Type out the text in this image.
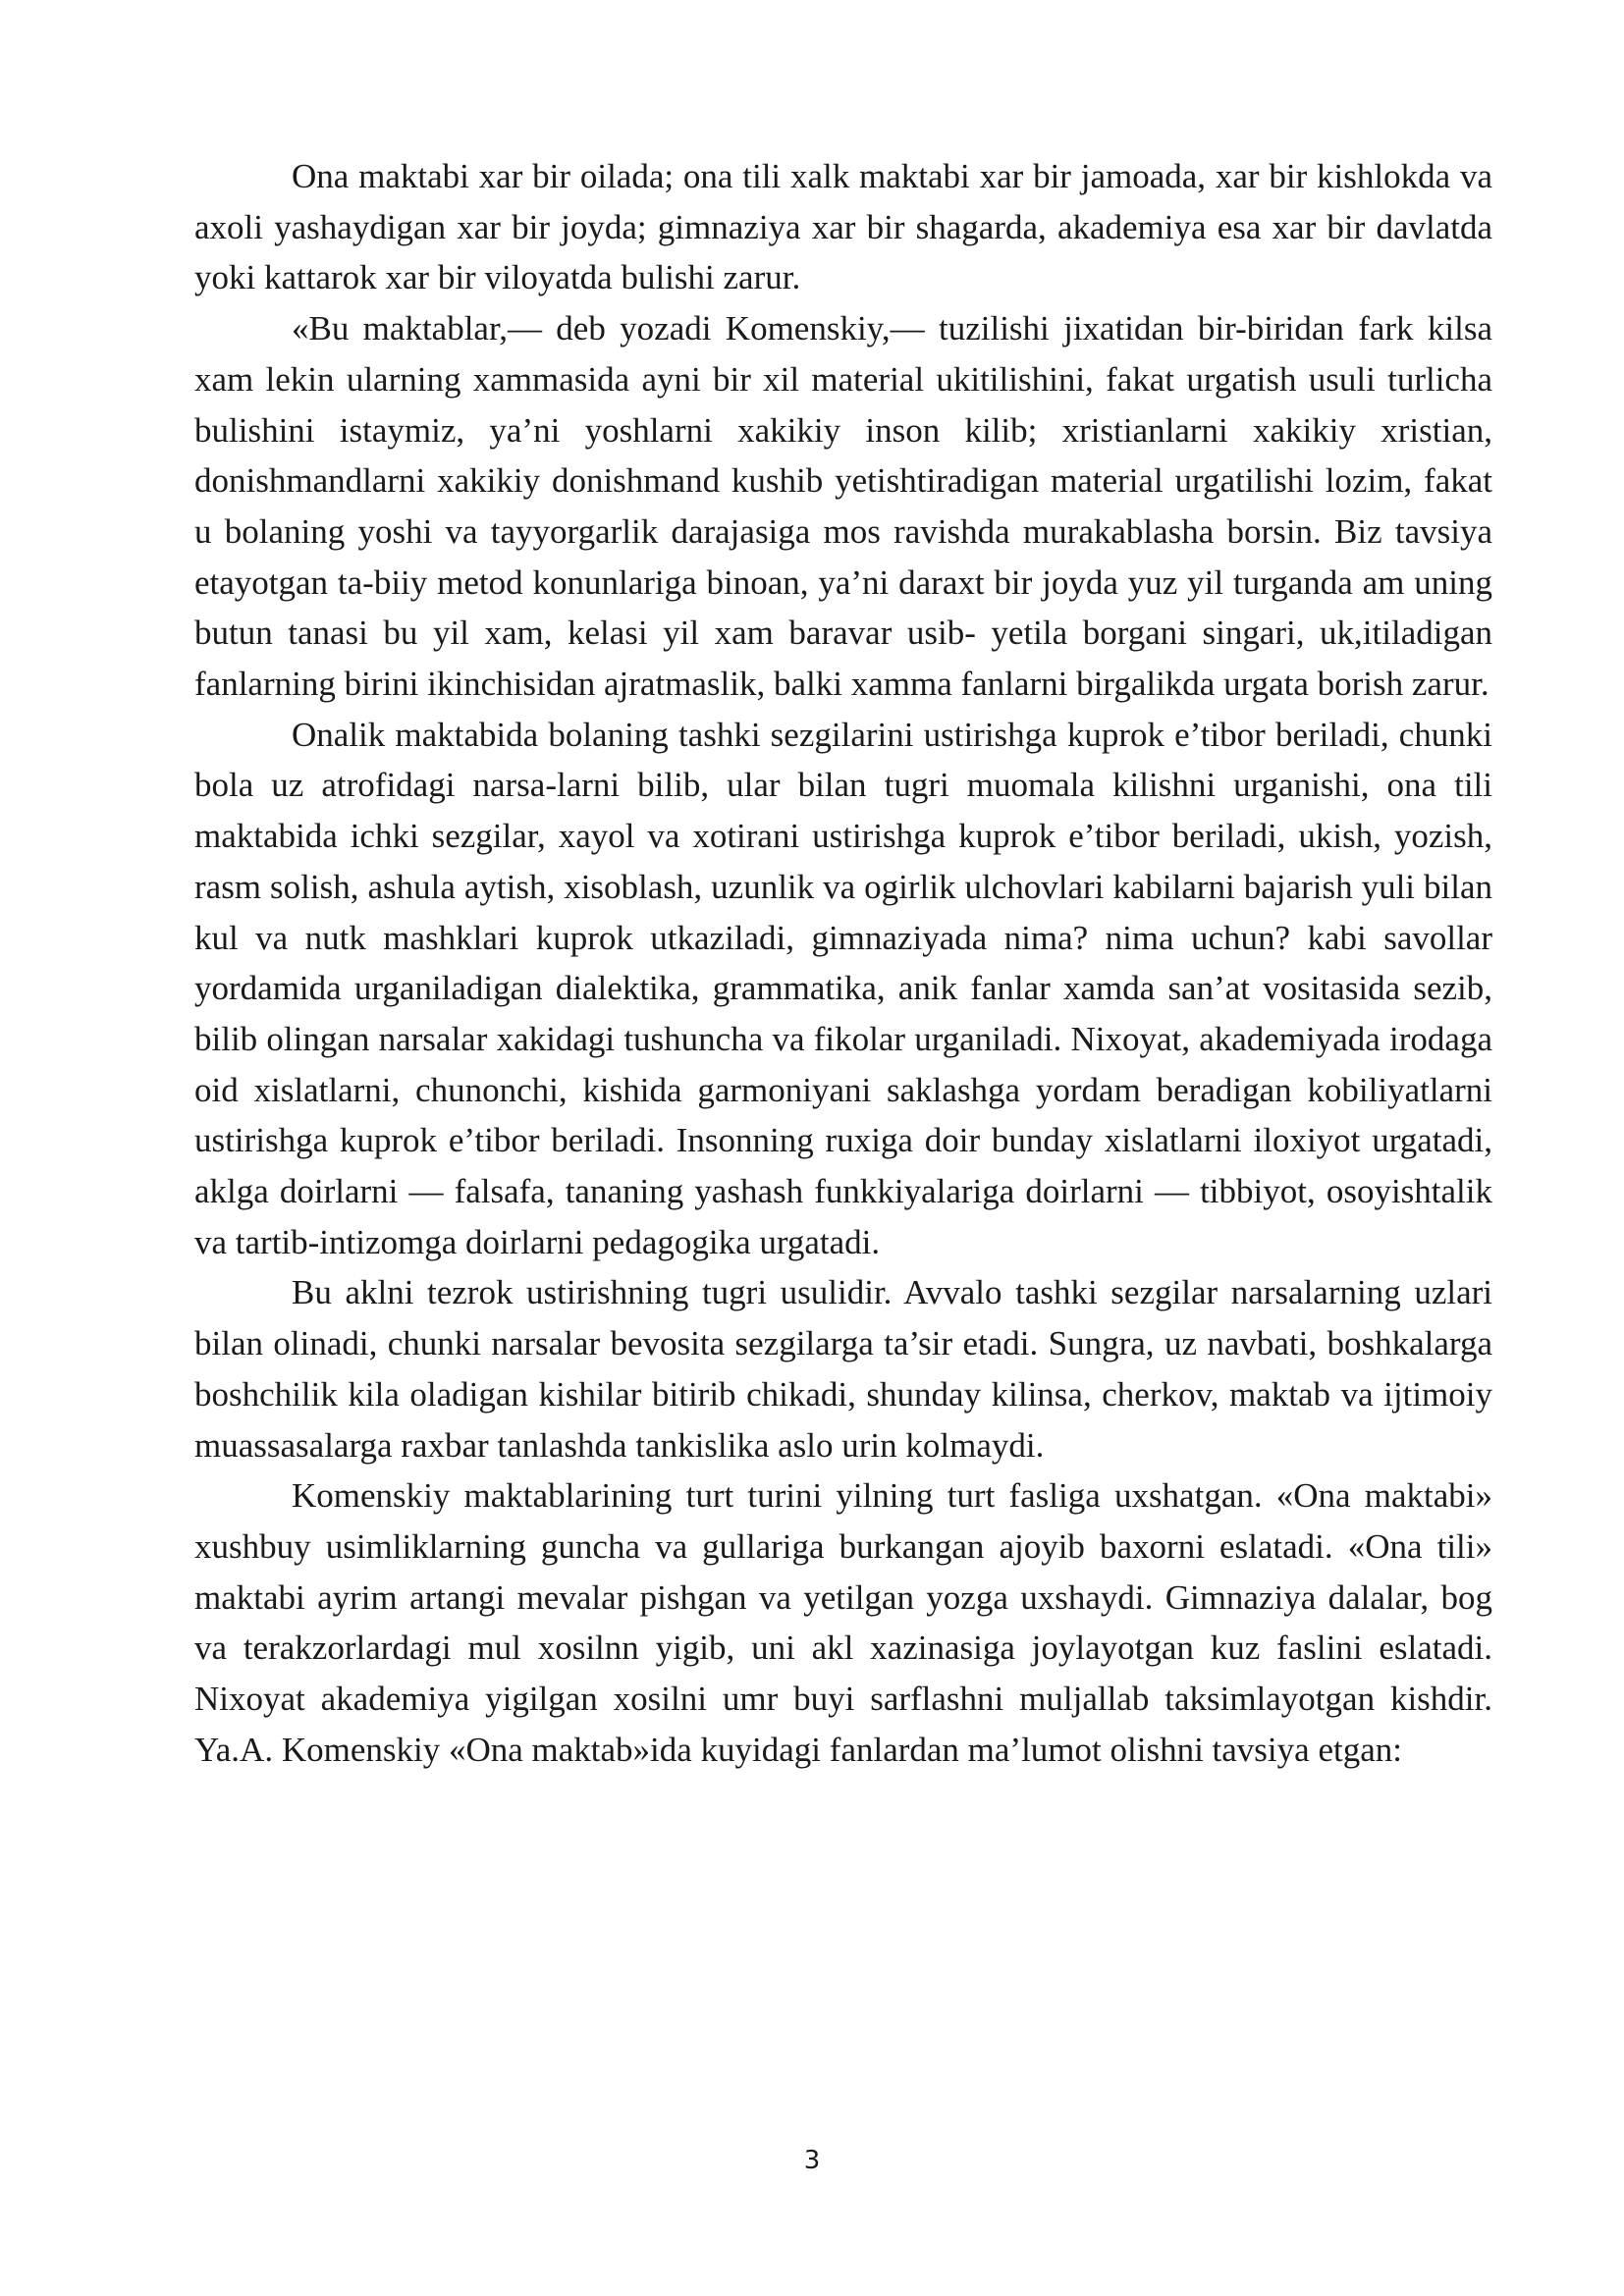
Ona maktabi xar bir oilada; ona tili xalk maktabi xar bir jamoada, xar bir kishlokda va axoli yashaydigan xar bir joyda; gimnaziya xar bir shagarda, akademiya esa xar bir davlatda yoki kattarok xar bir viloyatda bulishi zarur.

«Bu maktablar,— deb yozadi Komenskiy,— tuzilishi jixatidan bir-biridan fark kilsa xam lekin ularning xammasida ayni bir xil material ukitilishini, fakat urgatish usuli turlicha bulishini istaymiz, ya’ni yoshlarni xakikiy inson kilib; xristianlarni xakikiy xristian, donishmandlarni xakikiy donishmand kushib yetishtiradigan material urgatilishi lozim, fakat u bolaning yoshi va tayyorgarlik darajasiga mos ravishda murakablasha borsin. Biz tavsiya etayotgan ta-biiy metod konunlariga binoan, ya’ni daraxt bir joyda yuz yil turganda am uning butun tanasi bu yil xam, kelasi yil xam baravar usib- yetila borgani singari, uk,itiladigan fanlarning birini ikinchisidan ajratmaslik, balki xamma fanlarni birgalikda urgata borish zarur.

Onalik maktabida bolaning tashki sezgilarini ustirishga kuprok e’tibor beriladi, chunki bola uz atrofidagi narsa-larni bilib, ular bilan tugri muomala kilishni urganishi, ona tili maktabida ichki sezgilar, xayol va xotirani ustirishga kuprok e’tibor beriladi, ukish, yozish, rasm solish, ashula aytish, xisoblash, uzunlik va ogirlik ulchovlari kabilarni bajarish yuli bilan kul va nutk mashklari kuprok utkaziladi, gimnaziyada nima? nima uchun? kabi savollar yordamida urganiladigan dialektika, grammatika, anik fanlar xamda san’at vositasida sezib, bilib olingan narsalar xakidagi tushuncha va fikolar urganiladi. Nixoyat, akademiyada irodaga oid xislatlarni, chunonchi, kishida garmoniyani saklashga yordam beradigan kobiliyatlarni ustirishga kuprok e’tibor beriladi. Insonning ruxiga doir bunday xislatlarni iloxiyot urgatadi, aklga doirlarni — falsafa, tananing yashash funkkiyalariga doirlarni — tibbiyot, osoyishtalik va tartib-intizomga doirlarni pedagogika urgatadi.

Bu aklni tezrok ustirishning tugri usulidir. Avvalo tashki sezgilar narsalarning uzlari bilan olinadi, chunki narsalar bevosita sezgilarga ta’sir etadi. Sungra, uz navbati, boshkalarga boshchilik kila oladigan kishilar bitirib chikadi, shunday kilinsa, cherkov, maktab va ijtimoiy muassasalarga raxbar tanlashda tankislika aslo urin kolmaydi.

Komenskiy maktablarining turt turini yilning turt fasliga uxshatgan. «Ona maktabi» xushbuy usimliklarning guncha va gullariga burkangan ajoyib baxorni eslatadi. «Ona tili» maktabi ayrim artangi mevalar pishgan va yetilgan yozga uxshaydi. Gimnaziya dalalar, bog va terakzorlardagi mul xosilnn yigib, uni akl xazinasiga joylayotgan kuz faslini eslatadi. Nixoyat akademiya yigilgan xosilni umr buyi sarflashni muljallab taksimlayotgan kishdir. Ya.A. Komenskiy «Ona maktab»ida kuyidagi fanlardan ma’lumot olishni tavsiya etgan:

3
